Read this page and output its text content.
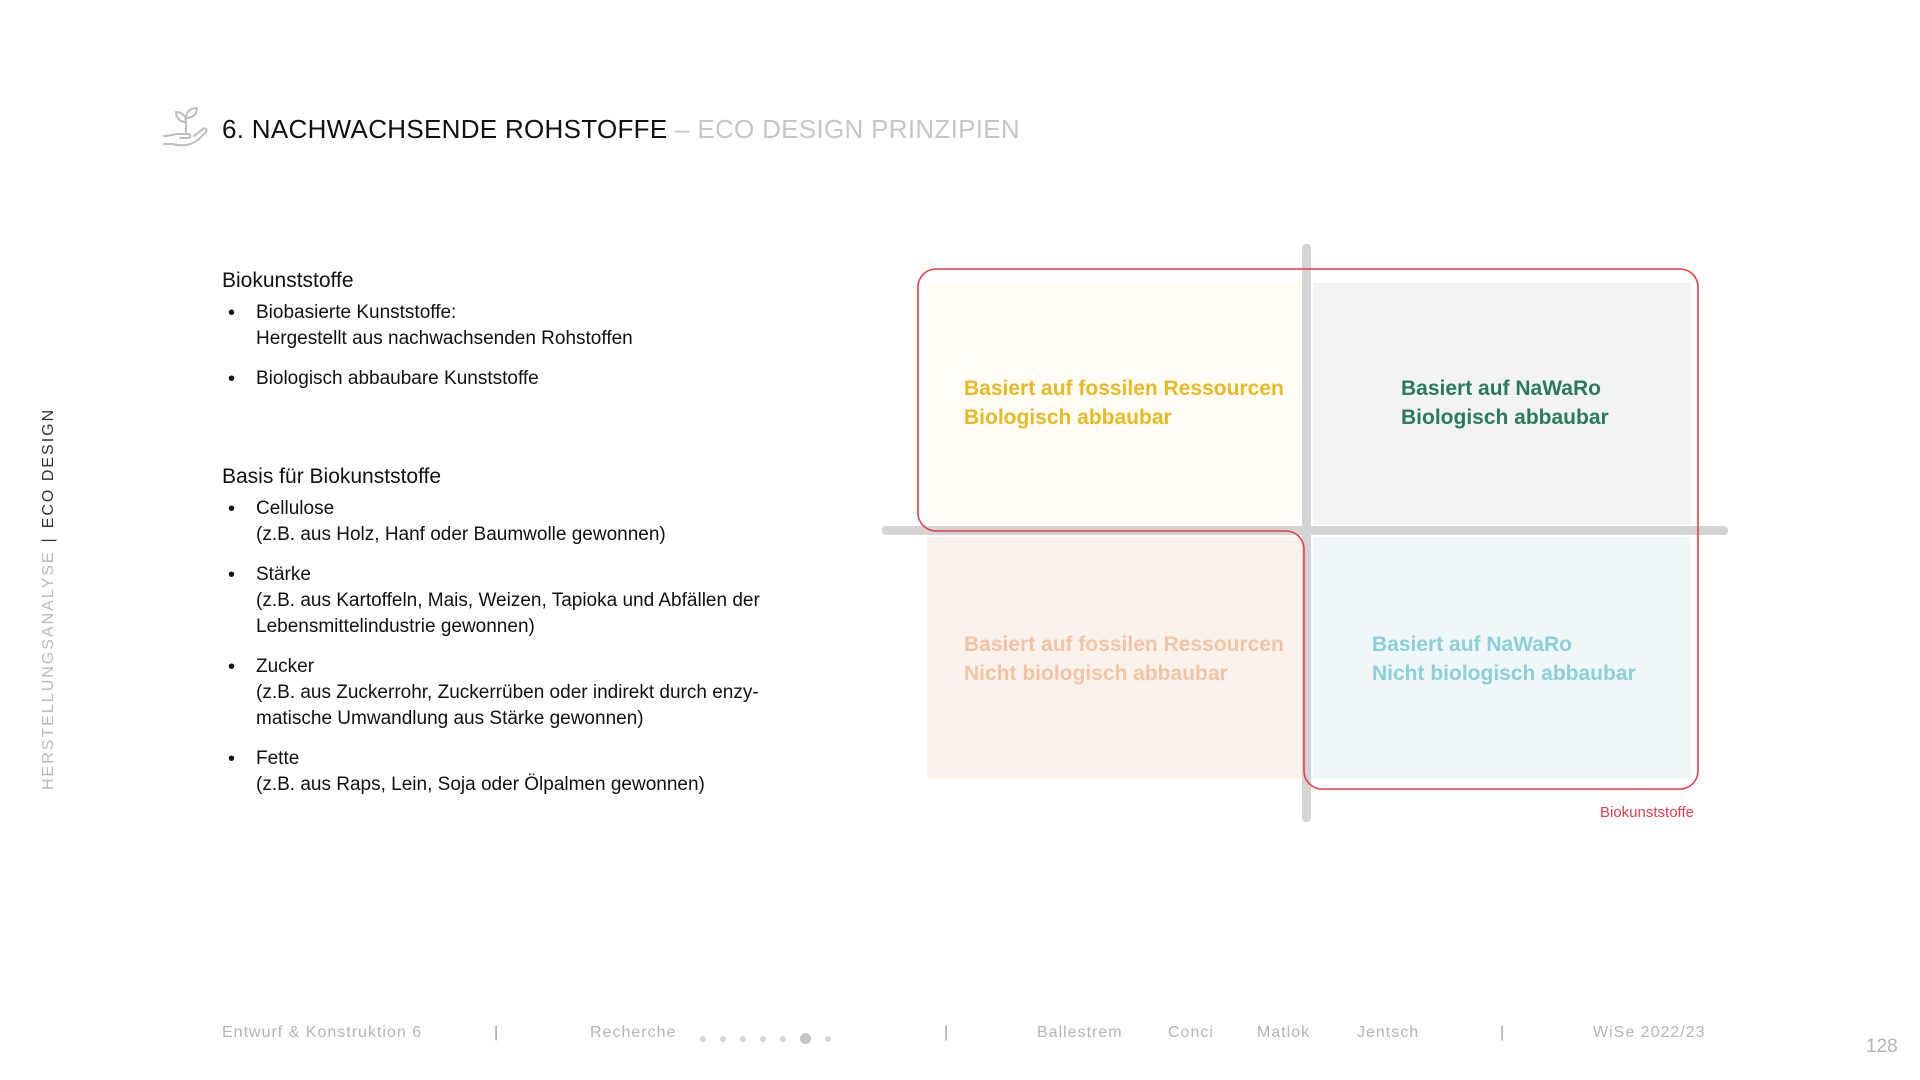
6. NACHWACHSENDE ROHSTOFFE – ECO DESIGN PRINZIPIEN
HERSTELLUNGSANALYSE|ECO DESIGN
Biokunststoffe
• Biobasierte Kunststoffe:
Hergestellt aus nachwachsenden Rohstoffen
• Biologisch abbaubare Kunststoffe
Basis für Biokunststoffe
• Cellulose
(z.B. aus Holz, Hanf oder Baumwolle gewonnen)
• Stärke
(z.B. aus Kartoffeln, Mais, Weizen, Tapioka und Abfällen der Lebensmittelindustrie gewonnen)
• Zucker
(z.B. aus Zuckerrohr, Zuckerrüben oder indirekt durch enzy-matische Umwandlung aus Stärke gewonnen)
• Fette
(z.B. aus Raps, Lein, Soja oder Ölpalmen gewonnen)
Basiert auf fossilen Ressourcen
Biologisch abbaubar
Basiert auf NaWaRo
Biologisch abbaubar
Basiert auf fossilen Ressourcen
Nicht biologisch abbaubar
Basiert auf NaWaRo
Nicht biologisch abbaubar
Biokunststoffe
Entwurf & Konstruktion 6	|	Recherche	|	Ballestrem	Conci	Matlok	Jentsch	|	WiSe 2022/23
128
